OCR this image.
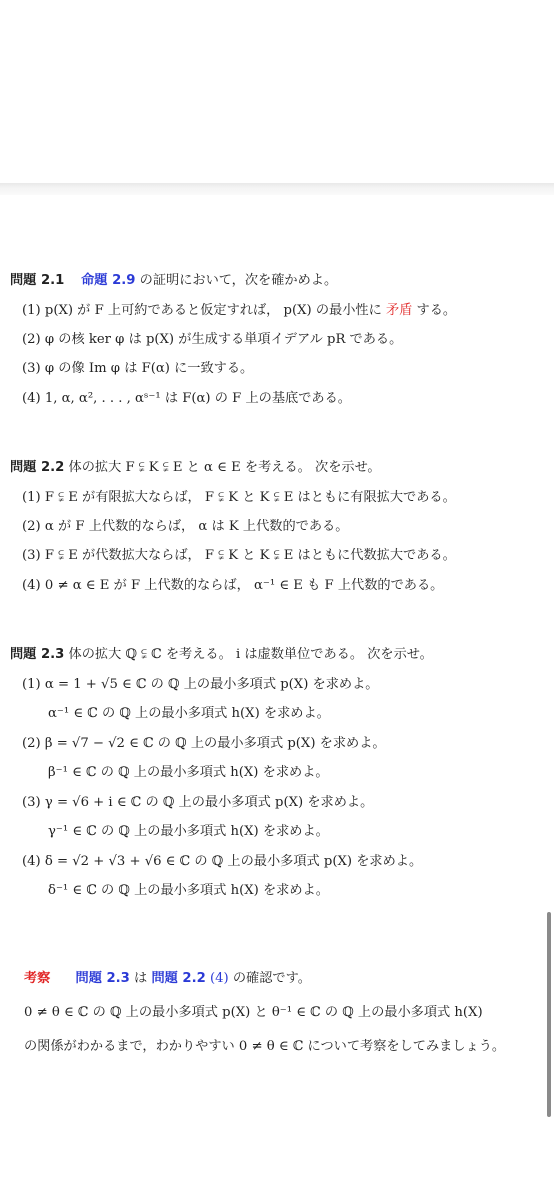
問題 2.1 命題 2.9 の証明において，次を確かめよ。
(1) p(X) が F 上可約であると仮定すれば， p(X) の最小性に 矛盾 する。
(2) φ の核 ker φ は p(X) が生成する単項イデアル pR である。
(3) φ の像 Im φ は F(α) に一致する。
(4) 1, α, α², . . . , αˢ⁻¹ は F(α) の F 上の基底である。
問題 2.2 体の拡大 F ⫋ K ⫋ E と α ∈ E を考える。 次を示せ。
(1) F ⫋ E が有限拡大ならば， F ⫋ K と K ⫋ E はともに有限拡大である。
(2) α が F 上代数的ならば， α は K 上代数的である。
(3) F ⫋ E が代数拡大ならば， F ⫋ K と K ⫋ E はともに代数拡大である。
(4) 0 ≠ α ∈ E が F 上代数的ならば， α⁻¹ ∈ E も F 上代数的である。
問題 2.3 体の拡大 ℚ ⫋ ℂ を考える。 i は虚数単位である。 次を示せ。
(1) α = 1 + √5 ∈ ℂ の ℚ 上の最小多項式 p(X) を求めよ。
α⁻¹ ∈ ℂ の ℚ 上の最小多項式 h(X) を求めよ。
(2) β = √7 − √2 ∈ ℂ の ℚ 上の最小多項式 p(X) を求めよ。
β⁻¹ ∈ ℂ の ℚ 上の最小多項式 h(X) を求めよ。
(3) γ = √6 + i ∈ ℂ の ℚ 上の最小多項式 p(X) を求めよ。
γ⁻¹ ∈ ℂ の ℚ 上の最小多項式 h(X) を求めよ。
(4) δ = √2 + √3 + √6 ∈ ℂ の ℚ 上の最小多項式 p(X) を求めよ。
δ⁻¹ ∈ ℂ の ℚ 上の最小多項式 h(X) を求めよ。
考察 問題 2.3 は 問題 2.2 (4) の確認です。
0 ≠ θ ∈ ℂ の ℚ 上の最小多項式 p(X) と θ⁻¹ ∈ ℂ の ℚ 上の最小多項式 h(X)
の関係がわかるまで，わかりやすい 0 ≠ θ ∈ ℂ について考察をしてみましょう。
